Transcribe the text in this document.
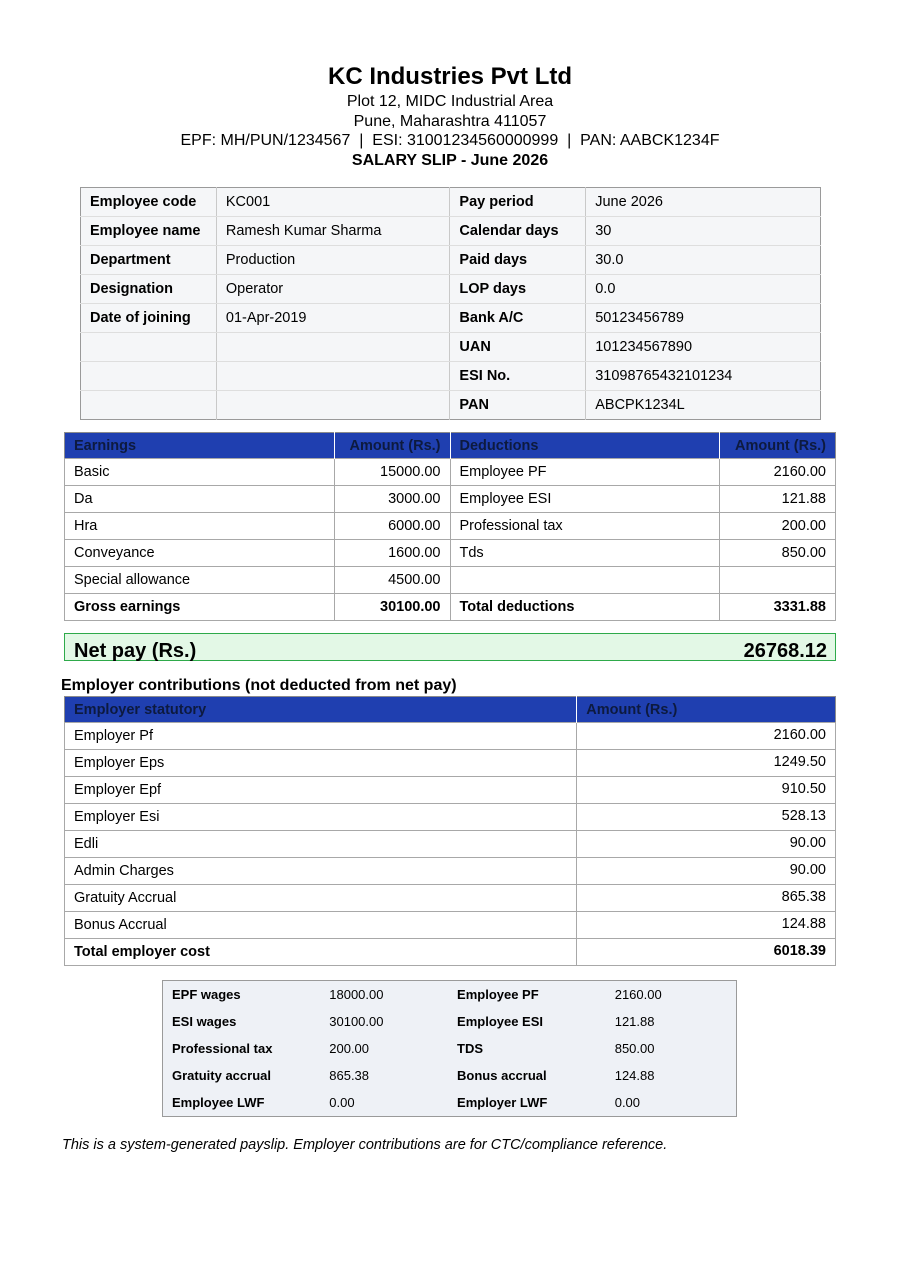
KC Industries Pvt Ltd
Plot 12, MIDC Industrial Area
Pune, Maharashtra 411057
EPF: MH/PUN/1234567  |  ESI: 31001234560000999  |  PAN: AABCK1234F
SALARY SLIP - June 2026
Employee code	KC001	Pay period	June 2026
Employee name	Ramesh Kumar Sharma	Calendar days	30
Department	Production	Paid days	30.0
Designation	Operator	LOP days	0.0
Date of joining	01-Apr-2019	Bank A/C	50123456789
		UAN	101234567890
		ESI No.	31098765432101234
		PAN	ABCPK1234L
Earnings	Amount (Rs.)	Deductions	Amount (Rs.)
Basic	15000.00	Employee PF	2160.00
Da	3000.00	Employee ESI	121.88
Hra	6000.00	Professional tax	200.00
Conveyance	1600.00	Tds	850.00
Special allowance	4500.00		
Gross earnings	30100.00	Total deductions	3331.88
Net pay (Rs.)	26768.12
Employer contributions (not deducted from net pay)
Employer statutory	Amount (Rs.)
Employer Pf	2160.00
Employer Eps	1249.50
Employer Epf	910.50
Employer Esi	528.13
Edli	90.00
Admin Charges	90.00
Gratuity Accrual	865.38
Bonus Accrual	124.88
Total employer cost	6018.39
EPF wages	18000.00	Employee PF	2160.00
ESI wages	30100.00	Employee ESI	121.88
Professional tax	200.00	TDS	850.00
Gratuity accrual	865.38	Bonus accrual	124.88
Employee LWF	0.00	Employer LWF	0.00
This is a system-generated payslip. Employer contributions are for CTC/compliance reference.
